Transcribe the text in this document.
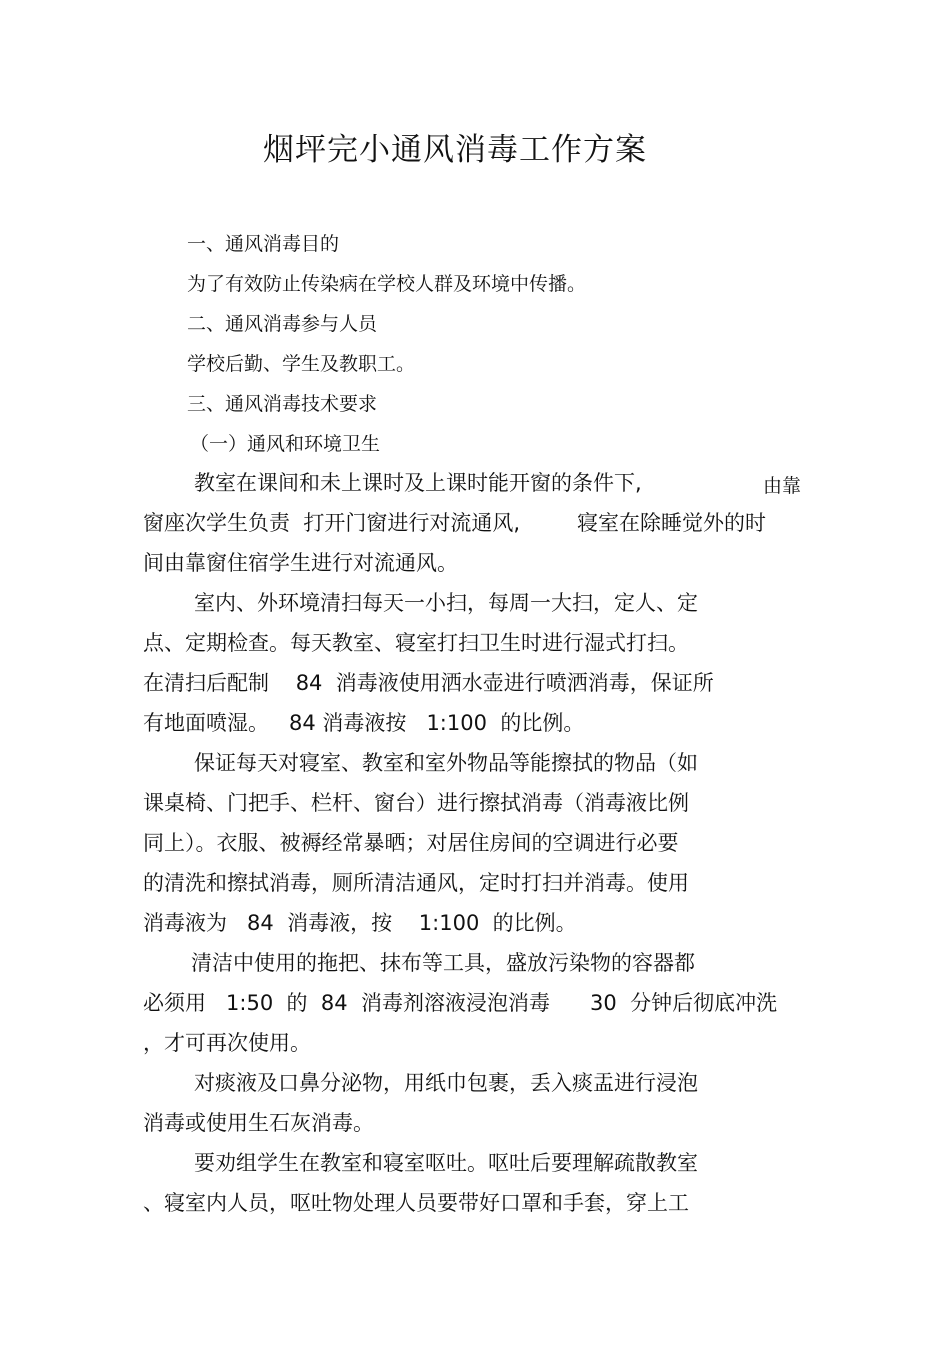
烟坪完小通风消毒工作方案
一、通风消毒目的
为了有效防止传染病在学校人群及环境中传播。
二、通风消毒参与人员
学校后勤、学生及教职工。
三、通风消毒技术要求
（一）通风和环境卫生
教室在课间和未上课时及上课时能开窗的条件下,	由靠
窗座次学生负责  打开门窗进行对流通风,	寝室在除睡觉外的时
间由靠窗住宿学生进行对流通风。
室内、外环境清扫每天一小扫，每周一大扫，定人、定
点、定期检查。每天教室、寝室打扫卫生时进行湿式打扫。
在清扫后配制    84  消毒液使用洒水壶进行喷洒消毒，保证所
有地面喷湿。   84 消毒液按   1:100  的比例。
保证每天对寝室、教室和室外物品等能擦拭的物品（如
课桌椅、门把手、栏杆、窗台）进行擦拭消毒（消毒液比例
同上）。衣服、被褥经常暴晒；对居住房间的空调进行必要
的清洗和擦拭消毒，厕所清洁通风，定时打扫并消毒。使用
消毒液为   84  消毒液，按    1:100  的比例。
清洁中使用的拖把、抹布等工具，盛放污染物的容器都
必须用   1:50  的  84  消毒剂溶液浸泡消毒      30  分钟后彻底冲洗
，才可再次使用。
对痰液及口鼻分泌物，用纸巾包裹，丢入痰盂进行浸泡
消毒或使用生石灰消毒。
要劝组学生在教室和寝室呕吐。呕吐后要理解疏散教室
、寝室内人员，呕吐物处理人员要带好口罩和手套，穿上工
